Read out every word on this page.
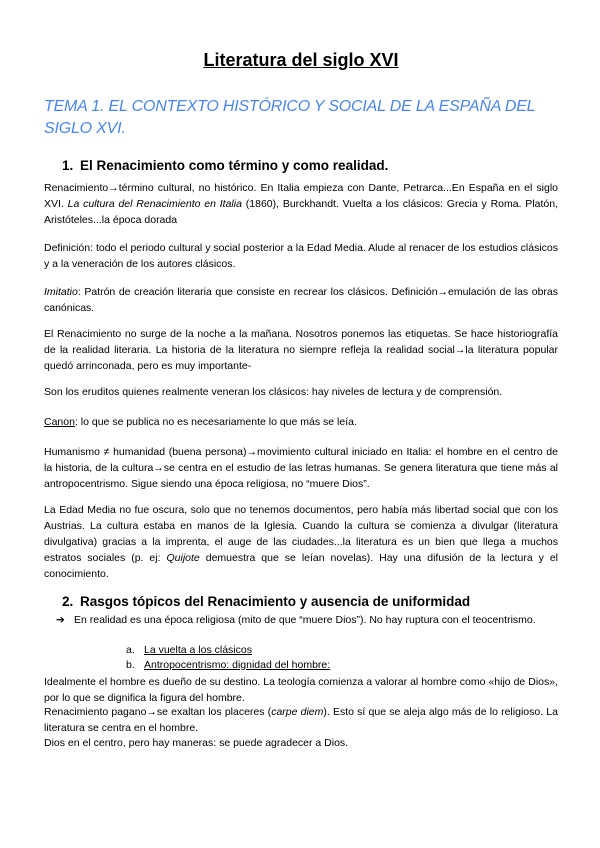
Literatura del siglo XVI

TEMA 1. EL CONTEXTO HISTÓRICO Y SOCIAL DE LA ESPAÑA DEL SIGLO XVI.

1. El Renacimiento como término y como realidad.

Renacimiento→término cultural, no histórico. En Italia empieza con Dante, Petrarca...En España en el siglo XVI. La cultura del Renacimiento en Italia (1860), Burckhandt. Vuelta a los clásicos: Grecia y Roma. Platón, Aristóteles...la época dorada

Definición: todo el periodo cultural y social posterior a la Edad Media. Alude al renacer de los estudios clásicos y a la veneración de los autores clásicos.

Imitatio: Patrón de creación literaria que consiste en recrear los clásicos. Definición→emulación de las obras canónicas.

El Renacimiento no surge de la noche a la mañana. Nosotros ponemos las etiquetas. Se hace historiografía de la realidad literaria. La historia de la literatura no siempre refleja la realidad social→la literatura popular quedó arrinconada, pero es muy importante-

Son los eruditos quienes realmente veneran los clásicos: hay niveles de lectura y de comprensión.

Canon: lo que se publica no es necesariamente lo que más se leía.

Humanismo ≠ humanidad (buena persona)→movimiento cultural iniciado en Italia: el hombre en el centro de la historia, de la cultura→se centra en el estudio de las letras humanas. Se genera literatura que tiene más al antropocentrismo. Sigue siendo una época religiosa, no “muere Dios”.

La Edad Media no fue oscura, solo que no tenemos documentos, pero había más libertad social que con los Austrias. La cultura estaba en manos de la Iglesia. Cuando la cultura se comienza a divulgar (literatura divulgativa) gracias a la imprenta, el auge de las ciudades...la literatura es un bien que llega a muchos estratos sociales (p. ej: Quijote demuestra que se leían novelas). Hay una difusión de la lectura y el conocimiento.

2. Rasgos tópicos del Renacimiento y ausencia de uniformidad

➔ En realidad es una época religiosa (mito de que “muere Dios”). No hay ruptura con el teocentrismo.

a. La vuelta a los clásicos

b. Antropocentrismo: dignidad del hombre:

Idealmente el hombre es dueño de su destino. La teología comienza a valorar al hombre como «hijo de Dios», por lo que se dignifica la figura del hombre.

Renacimiento pagano→se exaltan los placeres (carpe diem). Esto sí que se aleja algo más de lo religioso. La literatura se centra en el hombre.

Dios en el centro, pero hay maneras: se puede agradecer a Dios.
